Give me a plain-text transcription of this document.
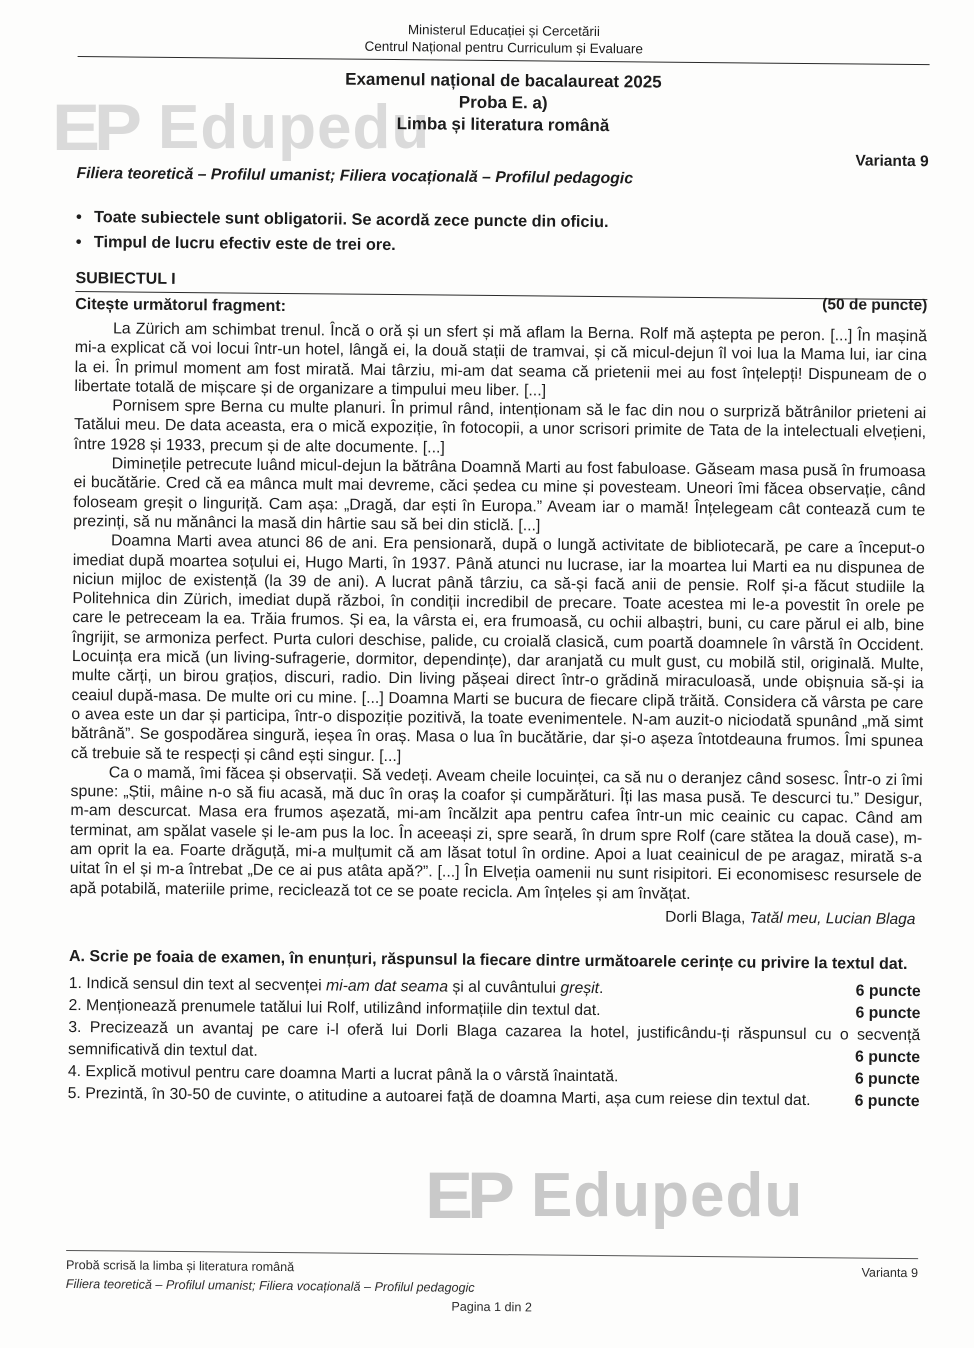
EP Edupedu
EP Edupedu
Ministerul Educației și Cercetării
Centrul Național pentru Curriculum și Evaluare
Examenul național de bacalaureat 2025
Proba E. a)
Limba și literatura română
Varianta 9
Filiera teoretică – Profilul umanist; Filiera vocațională – Profilul pedagogic
• Toate subiectele sunt obligatorii. Se acordă zece puncte din oficiu.
• Timpul de lucru efectiv este de trei ore.
SUBIECTUL I
Citește următorul fragment:	(50 de puncte)

La Zürich am schimbat trenul. Încă o oră și un sfert și mă aflam la Berna. Rolf mă aștepta pe peron. [...] În mașină mi-a explicat că voi locui într-un hotel, lângă ei, la două stații de tramvai, și că micul-dejun îl voi lua la Mama lui, iar cina la ei. În primul moment am fost mirată. Mai târziu, mi-am dat seama că prietenii mei au fost înțelepți! Dispuneam de o libertate totală de mișcare și de organizare a timpului meu liber. [...]

Pornisem spre Berna cu multe planuri. În primul rând, intenționam să le fac din nou o surpriză bătrânilor prieteni ai Tatălui meu. De data aceasta, era o mică expoziție, în fotocopii, a unor scrisori primite de Tata de la intelectuali elvețieni, între 1928 și 1933, precum și de alte documente. [...]

Diminețile petrecute luând micul-dejun la bătrâna Doamnă Marti au fost fabuloase. Găseam masa pusă în frumoasa ei bucătărie. Cred că ea mânca mult mai devreme, căci ședea cu mine și povesteam. Uneori îmi făcea observație, când foloseam greșit o linguriță. Cam așa: „Dragă, dar ești în Europa.” Aveam iar o mamă! Înțelegeam cât contează cum te prezinți, să nu mănânci la masă din hârtie sau să bei din sticlă. [...]

Doamna Marti avea atunci 86 de ani. Era pensionară, după o lungă activitate de bibliotecară, pe care a început-o imediat după moartea soțului ei, Hugo Marti, în 1937. Până atunci nu lucrase, iar la moartea lui Marti ea nu dispunea de niciun mijloc de existență (la 39 de ani). A lucrat până târziu, ca să-și facă anii de pensie. Rolf și-a făcut studiile la Politehnica din Zürich, imediat după război, în condiții incredibil de precare. Toate acestea mi le-a povestit în orele pe care le petreceam la ea. Trăia frumos. Și ea, la vârsta ei, era frumoasă, cu ochii albaștri, buni, cu care părul ei alb, bine îngrijit, se armoniza perfect. Purta culori deschise, palide, cu croială clasică, cum poartă doamnele în vârstă în Occident. Locuința era mică (un living-sufragerie, dormitor, dependințe), dar aranjată cu mult gust, cu mobilă stil, originală. Multe, multe cărți, un birou grațios, discuri, radio. Din living pășeai direct într-o grădină miraculoasă, unde obișnuia să-și ia ceaiul după-masa. De multe ori cu mine. [...] Doamna Marti se bucura de fiecare clipă trăită. Considera că vârsta pe care o avea este un dar și participa, într-o dispoziție pozitivă, la toate evenimentele. N-am auzit-o niciodată spunând „mă simt bătrână”. Se gospodărea singură, ieșea în oraș. Masa o lua în bucătărie, dar și-o așeza întotdeauna frumos. Îmi spunea că trebuie să te respecți și când ești singur. [...]

Ca o mamă, îmi făcea și observații. Să vedeți. Aveam cheile locuinței, ca să nu o deranjez când sosesc. Într-o zi îmi spune: „Știi, mâine n-o să fiu acasă, mă duc în oraș la coafor și cumpărături. Îți las masa pusă. Te descurci tu.” Desigur, m-am descurcat. Masa era frumos așezată, mi-am încălzit apa pentru cafea într-un mic ceainic cu capac. Când am terminat, am spălat vasele și le-am pus la loc. În aceeași zi, spre seară, în drum spre Rolf (care stătea la două case), m-am oprit la ea. Foarte drăguță, mi-a mulțumit că am lăsat totul în ordine. Apoi a luat ceainicul de pe aragaz, mirată s-a uitat în el și m-a întrebat „De ce ai pus atâta apă?”. [...] În Elveția oamenii nu sunt risipitori. Ei economisesc resursele de apă potabilă, materiile prime, reciclează tot ce se poate recicla. Am înțeles și am învățat.

Dorli Blaga, Tatăl meu, Lucian Blaga
A. Scrie pe foaia de examen, în enunțuri, răspunsul la fiecare dintre următoarele cerințe cu privire la textul dat.
1. Indică sensul din text al secvenței mi-am dat seama și al cuvântului greșit.	6 puncte
2. Menționează prenumele tatălui lui Rolf, utilizând informațiile din textul dat.	6 puncte
3. Precizează un avantaj pe care i-l oferă lui Dorli Blaga cazarea la hotel, justificându-ți răspunsul cu o secvență semnificativă din textul dat.	6 puncte
4. Explică motivul pentru care doamna Marti a lucrat până la o vârstă înaintată.	6 puncte
5. Prezintă, în 30-50 de cuvinte, o atitudine a autoarei față de doamna Marti, așa cum reiese din textul dat.	6 puncte
Probă scrisă la limba și literatura română	Varianta 9
Filiera teoretică – Profilul umanist; Filiera vocațională – Profilul pedagogic
Pagina 1 din 2
